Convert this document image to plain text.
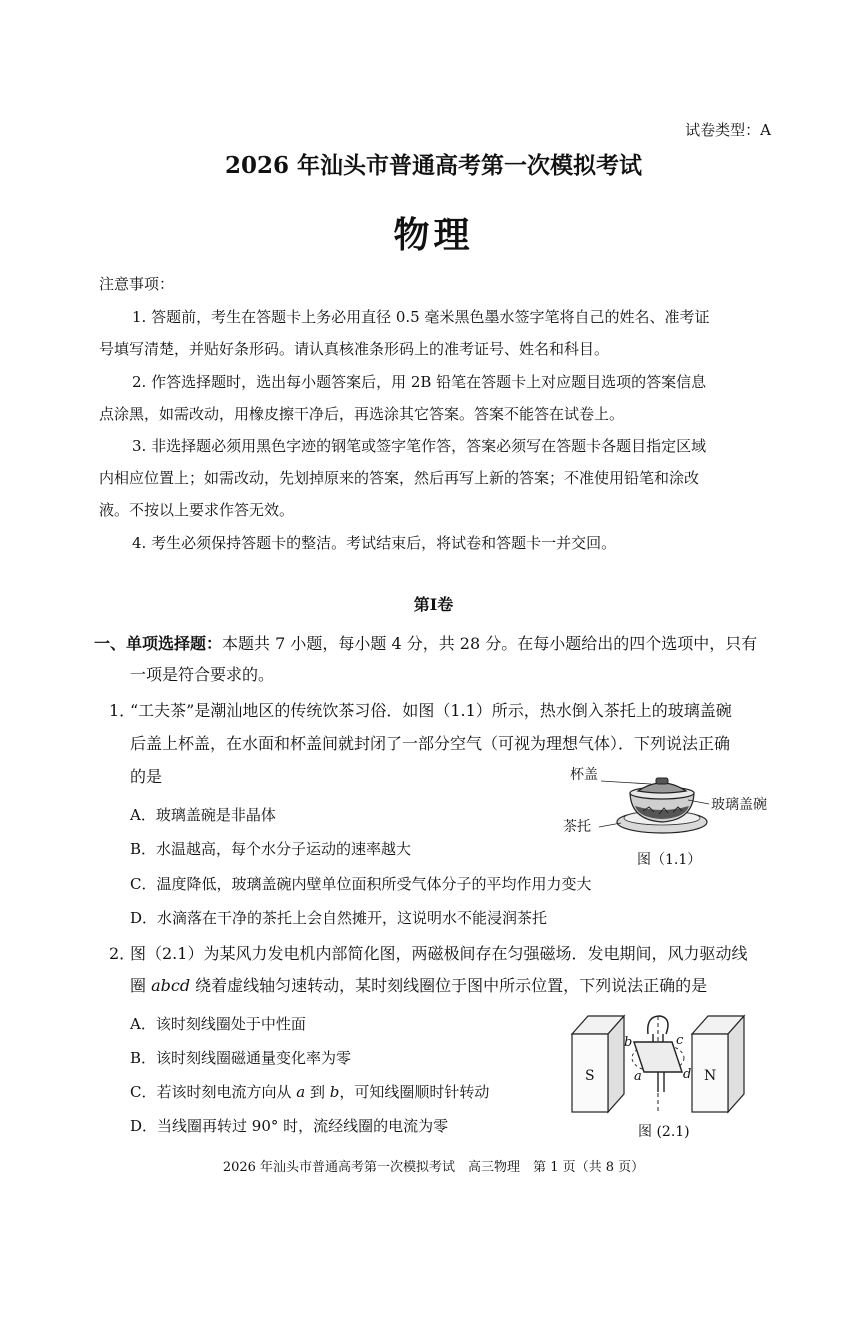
试卷类型：A
2026 年汕头市普通高考第一次模拟考试
物理
注意事项：
1. 答题前，考生在答题卡上务必用直径 0.5 毫米黑色墨水签字笔将自己的姓名、准考证
号填写清楚，并贴好条形码。请认真核准条形码上的准考证号、姓名和科目。
2. 作答选择题时，选出每小题答案后，用 2B 铅笔在答题卡上对应题目选项的答案信息
点涂黑，如需改动，用橡皮擦干净后，再选涂其它答案。答案不能答在试卷上。
3. 非选择题必须用黑色字迹的钢笔或签字笔作答，答案必须写在答题卡各题目指定区域
内相应位置上；如需改动，先划掉原来的答案，然后再写上新的答案；不准使用铅笔和涂改
液。不按以上要求作答无效。
4. 考生必须保持答题卡的整洁。考试结束后，将试卷和答题卡一并交回。
第Ⅰ卷
一、单项选择题：本题共 7 小题，每小题 4 分，共 28 分。在每小题给出的四个选项中，只有
一项是符合要求的。
1．
“工夫茶”是潮汕地区的传统饮茶习俗．如图（1.1）所示，热水倒入茶托上的玻璃盖碗
后盖上杯盖，在水面和杯盖间就封闭了一部分空气（可视为理想气体）．下列说法正确
的是
A．玻璃盖碗是非晶体
B．水温越高，每个水分子运动的速率越大
C．温度降低，玻璃盖碗内壁单位面积所受气体分子的平均作用力变大
D．水滴落在干净的茶托上会自然摊开，这说明水不能浸润茶托
杯盖
玻璃盖碗
茶托
图（1.1）
2．
图（2.1）为某风力发电机内部简化图，两磁极间存在匀强磁场．发电期间，风力驱动线
圈 abcd 绕着虚线轴匀速转动，某时刻线圈位于图中所示位置，下列说法正确的是
A．该时刻线圈处于中性面
B．该时刻线圈磁通量变化率为零
C．若该时刻电流方向从 a 到 b，可知线圈顺时针转动
D．当线圈再转过 90° 时，流经线圈的电流为零
S	N
b	c
a	d
图 (2.1)
2026 年汕头市普通高考第一次模拟考试　高三物理　第 1 页（共 8 页）
